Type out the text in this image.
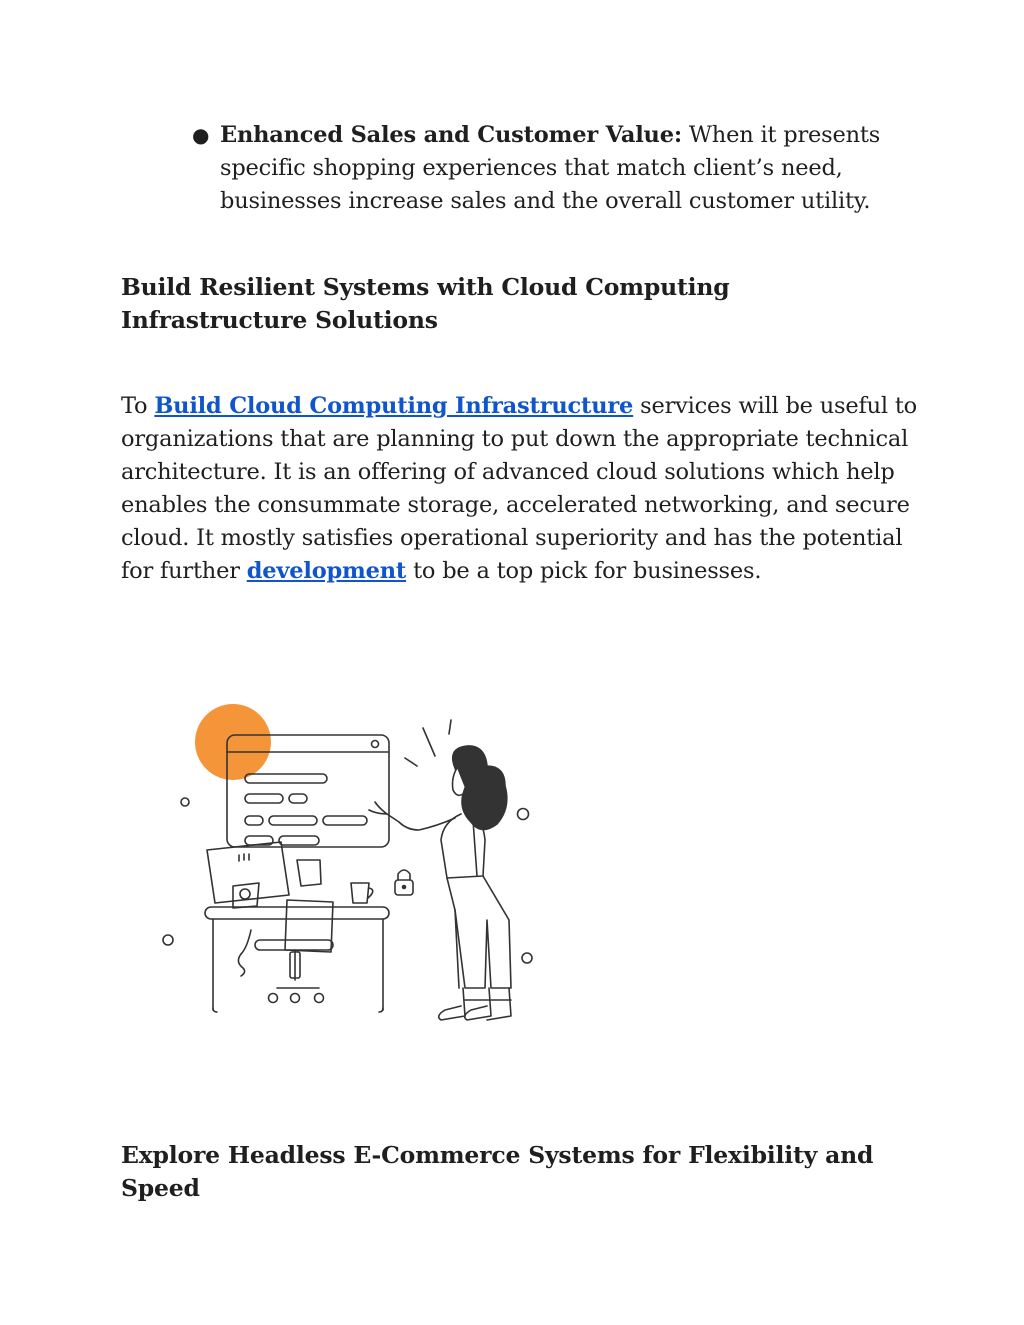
● Enhanced Sales and Customer Value: When it presents specific shopping experiences that match client’s need, businesses increase sales and the overall customer utility.
Build Resilient Systems with Cloud Computing Infrastructure Solutions

To Build Cloud Computing Infrastructure services will be useful to organizations that are planning to put down the appropriate technical architecture. It is an offering of advanced cloud solutions which help enables the consummate storage, accelerated networking, and secure cloud. It mostly satisfies operational superiority and has the potential for further development to be a top pick for businesses.

Explore Headless E-Commerce Systems for Flexibility and Speed
